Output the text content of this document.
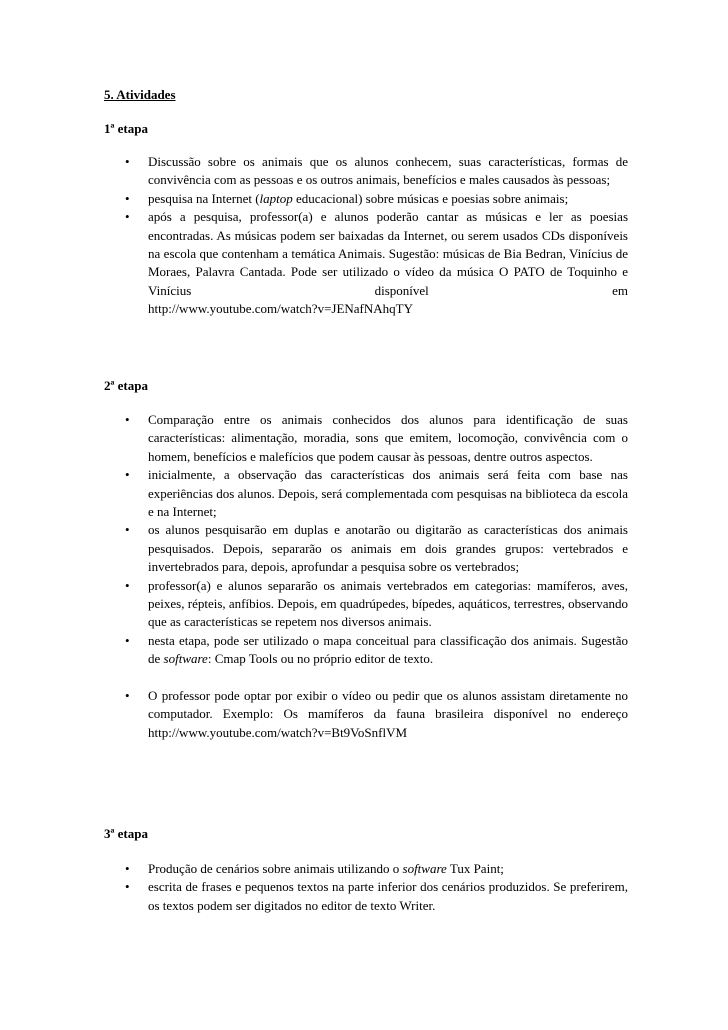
5. Atividades
1ª etapa
• Discussão sobre os animais que os alunos conhecem, suas características, formas de convivência com as pessoas e os outros animais, benefícios e males causados às pessoas;
• pesquisa na Internet (laptop educacional) sobre músicas e poesias sobre animais;
• após a pesquisa, professor(a) e alunos poderão cantar as músicas e ler as poesias encontradas. As músicas podem ser baixadas da Internet, ou serem usados CDs disponíveis na escola que contenham a temática Animais. Sugestão: músicas de Bia Bedran, Vinícius de Moraes, Palavra Cantada. Pode ser utilizado o vídeo da música O PATO de Toquinho e Vinícius disponível em
http://www.youtube.com/watch?v=JENafNAhqTY
2ª etapa
• Comparação entre os animais conhecidos dos alunos para identificação de suas características: alimentação, moradia, sons que emitem, locomoção, convivência com o homem, benefícios e malefícios que podem causar às pessoas, dentre outros aspectos.
• inicialmente, a observação das características dos animais será feita com base nas experiências dos alunos. Depois, será complementada com pesquisas na biblioteca da escola e na Internet;
• os alunos pesquisarão em duplas e anotarão ou digitarão as características dos animais pesquisados. Depois, separarão os animais em dois grandes grupos: vertebrados e invertebrados para, depois, aprofundar a pesquisa sobre os vertebrados;
• professor(a) e alunos separarão os animais vertebrados em categorias: mamíferos, aves, peixes, répteis, anfíbios. Depois, em quadrúpedes, bípedes, aquáticos, terrestres, observando que as características se repetem nos diversos animais.
• nesta etapa, pode ser utilizado o mapa conceitual para classificação dos animais. Sugestão de software: Cmap Tools ou no próprio editor de texto.
• O professor pode optar por exibir o vídeo ou pedir que os alunos assistam diretamente no computador. Exemplo: Os mamíferos da fauna brasileira disponível no endereço http://www.youtube.com/watch?v=Bt9VoSnflVM
3ª etapa
• Produção de cenários sobre animais utilizando o software Tux Paint;
• escrita de frases e pequenos textos na parte inferior dos cenários produzidos. Se preferirem, os textos podem ser digitados no editor de texto Writer.
